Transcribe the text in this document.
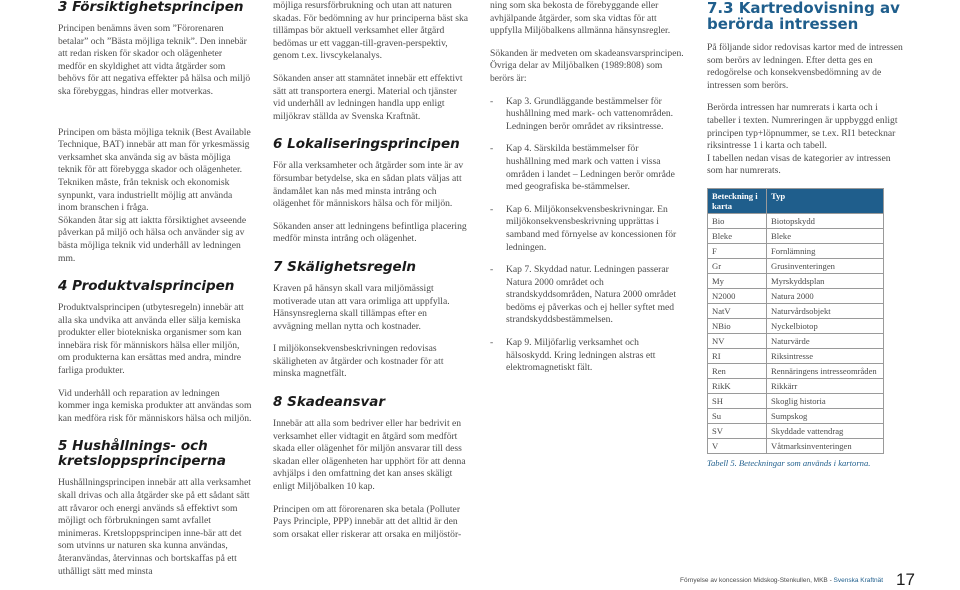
3 Försiktighetsprincipen

Principen benämns även som ”Förorenaren betalar” och ”Bästa möjliga teknik”. Den innebär att redan risken för skador och olägenheter medför en skyldighet att vidta åtgärder som behövs för att negativa effekter på hälsa och miljö ska förebyggas, hindras eller motverkas.

Principen om bästa möjliga teknik (Best Available Technique, BAT) innebär att man för yrkesmässig verksamhet ska använda sig av bästa möjliga teknik för att förebygga skador och olägenheter. Tekniken måste, från teknisk och ekonomisk synpunkt, vara industriellt möjlig att använda inom branschen i fråga.

Sökanden åtar sig att iaktta försiktighet avseende påverkan på miljö och hälsa och använder sig av bästa möjliga teknik vid underhåll av ledningen mm.

4 Produktvalsprincipen

Produktvalsprincipen (utbytesregeln) innebär att alla ska undvika att använda eller sälja kemiska produkter eller biotekniska organismer som kan innebära risk för människors hälsa eller miljön, om produkterna kan ersättas med andra, mindre farliga produkter.

Vid underhåll och reparation av ledningen kommer inga kemiska produkter att användas som kan medföra risk för människors hälsa och miljön.

5 Hushållnings- och kretsloppsprinciperna

Hushållningsprincipen innebär att alla verksamhet skall drivas och alla åtgärder ske på ett sådant sätt att råvaror och energi används så effektivt som möjligt och förbrukningen samt avfallet minimeras. Kretsloppsprincipen inne-bär att det som utvinns ur naturen ska kunna användas, återanvändas, återvinnas och bortskaffas på ett uthålligt sätt med minsta

möjliga resursförbrukning och utan att naturen skadas. För bedömning av hur principerna bäst ska tillämpas bör aktuell verksamhet eller åtgärd bedömas ur ett vaggan-till-graven-perspektiv, genom t.ex. livscykelanalys.

Sökanden anser att stamnätet innebär ett effektivt sätt att transportera energi. Material och tjänster vid underhåll av ledningen handla upp enligt miljökrav ställda av Svenska Kraftnät.

6 Lokaliseringsprincipen

För alla verksamheter och åtgärder som inte är av försumbar betydelse, ska en sådan plats väljas att ändamålet kan nås med minsta intrång och olägenhet för människors hälsa och för miljön.

Sökanden anser att ledningens befintliga placering medför minsta intrång och olägenhet.

7 Skälighetsregeln

Kraven på hänsyn skall vara miljömässigt motiverade utan att vara orimliga att uppfylla. Hänsynsreglerna skall tillämpas efter en avvägning mellan nytta och kostnader.

I miljökonsekvensbeskrivningen redovisas skäligheten av åtgärder och kostnader för att minska magnetfält.

8 Skadeansvar

Innebär att alla som bedriver eller har bedrivit en verksamhet eller vidtagit en åtgärd som medfört skada eller olägenhet för miljön ansvarar till dess skadan eller olägenheten har upphört för att denna avhjälps i den omfattning det kan anses skäligt enligt Miljöbalken 10 kap.

Principen om att förorenaren ska betala (Polluter Pays Principle, PPP) innebär att det alltid är den som orsakat eller riskerar att orsaka en miljöstör-

ning som ska bekosta de förebyggande eller avhjälpande åtgärder, som ska vidtas för att uppfylla Miljöbalkens allmänna hänsynsregler.

Sökanden är medveten om skadeansvarsprincipen. Övriga delar av Miljöbalken (1989:808) som berörs är:

- Kap 3. Grundläggande bestämmelser för hushållning med mark- och vattenområden. Ledningen berör området av riksintresse.
- Kap 4. Särskilda bestämmelser för hushållning med mark och vatten i vissa områden i landet – Ledningen berör område med geografiska be-stämmelser.
- Kap 6. Miljökonsekvensbeskrivningar. En miljökonsekvensbeskrivning upprättas i samband med förnyelse av koncessionen för ledningen.
- Kap 7. Skyddad natur. Ledningen passerar Natura 2000 området och strandskyddsområden, Natura 2000 området bedöms ej påverkas och ej heller syftet med strandskyddsbestämmelsen.
- Kap 9. Miljöfarlig verksamhet och hälsoskydd. Kring ledningen alstras ett elektromagnetiskt fält.
7.3 Kartredovisning av berörda intressen

På följande sidor redovisas kartor med de intressen som berörs av ledningen. Efter detta ges en redogörelse och konsekvensbedömning av de intressen som berörs.

Berörda intressen har numrerats i karta och i tabeller i texten. Numreringen är uppbyggd enligt principen typ+löpnummer, se t.ex. RI1 betecknar riksintresse 1 i karta och tabell.

I tabellen nedan visas de kategorier av intressen som har numrerats.

Beteckning i karta	Typ
Bio	Biotopskydd
Bleke	Bleke
F	Fornlämning
Gr	Grusinventeringen
My	Myrskyddsplan
N2000	Natura 2000
NatV	Naturvårdsobjekt
NBio	Nyckelbiotop
NV	Naturvärde
RI	Riksintresse
Ren	Rennäringens intresseområden
RikK	Rikkärr
SH	Skoglig historia
Su	Sumpskog
SV	Skyddade vattendrag
V	Våtmarksinventeringen
Tabell 5. Beteckningar som används i kartorna.
Förnyelse av koncession Midskog-Stenkullen, MKB - Svenska Kraftnät 17
